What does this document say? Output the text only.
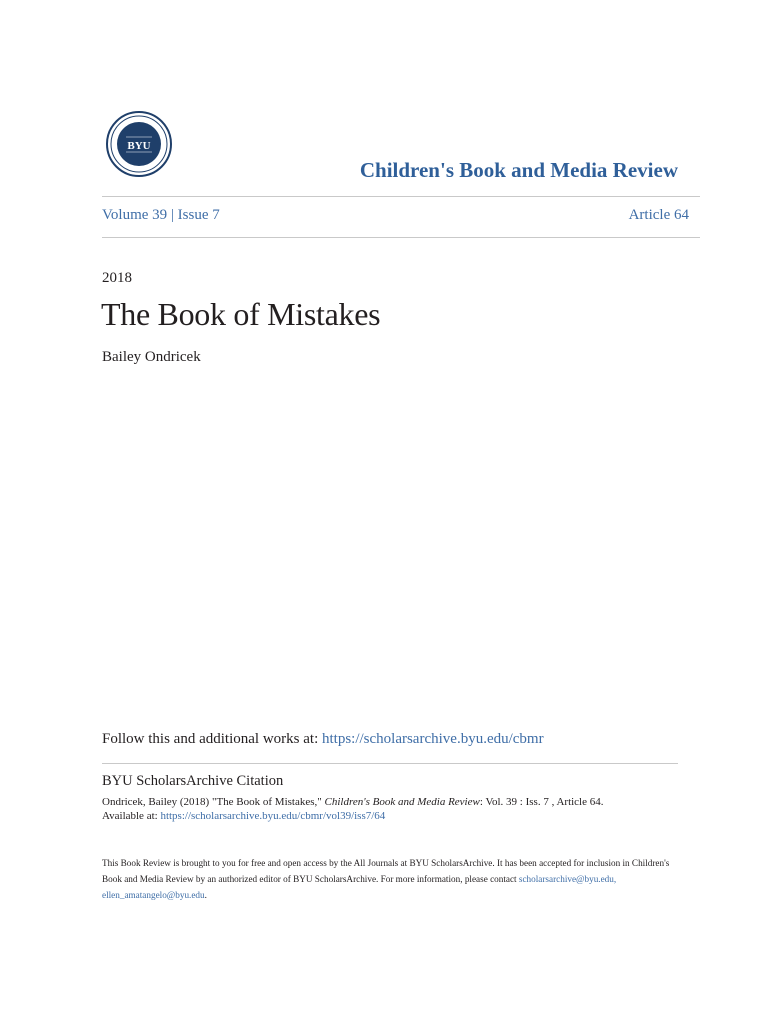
BYU
Children's Book and Media Review
Volume 39 | Issue 7	Article 64
2018
The Book of Mistakes
Bailey Ondricek
Follow this and additional works at: https://scholarsarchive.byu.edu/cbmr
BYU ScholarsArchive Citation
Ondricek, Bailey (2018) "The Book of Mistakes," Children's Book and Media Review: Vol. 39 : Iss. 7 , Article 64.
Available at: https://scholarsarchive.byu.edu/cbmr/vol39/iss7/64
This Book Review is brought to you for free and open access by the All Journals at BYU ScholarsArchive. It has been accepted for inclusion in Children's Book and Media Review by an authorized editor of BYU ScholarsArchive. For more information, please contact scholarsarchive@byu.edu, ellen_amatangelo@byu.edu.
